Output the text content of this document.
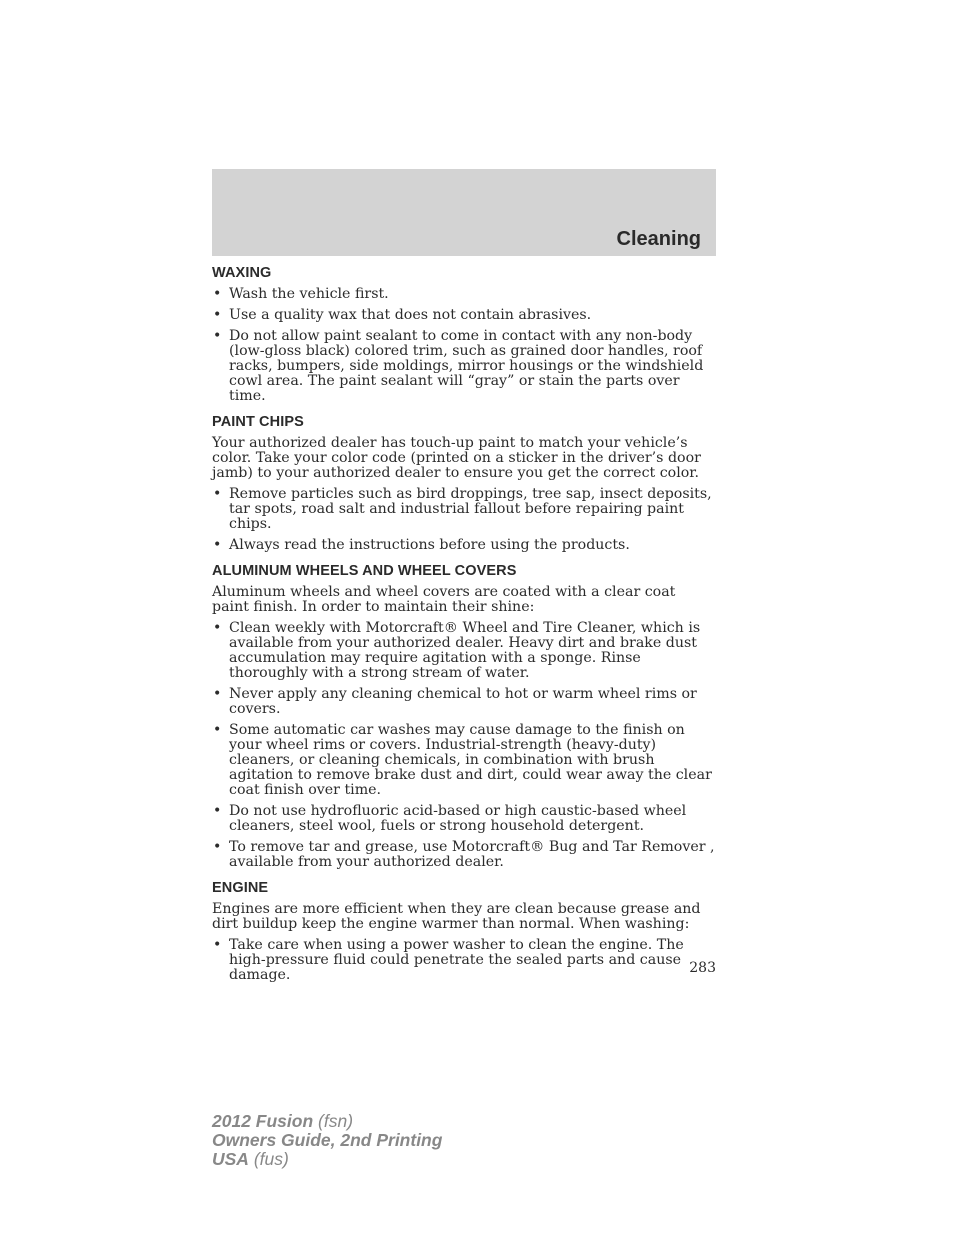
Cleaning
WAXING
• Wash the vehicle first.
• Use a quality wax that does not contain abrasives.
• Do not allow paint sealant to come in contact with any non-body (low-gloss black) colored trim, such as grained door handles, roof racks, bumpers, side moldings, mirror housings or the windshield cowl area. The paint sealant will “gray” or stain the parts over time.
PAINT CHIPS

Your authorized dealer has touch-up paint to match your vehicle’s color. Take your color code (printed on a sticker in the driver’s door jamb) to your authorized dealer to ensure you get the correct color.

• Remove particles such as bird droppings, tree sap, insect deposits, tar spots, road salt and industrial fallout before repairing paint chips.
• Always read the instructions before using the products.
ALUMINUM WHEELS AND WHEEL COVERS

Aluminum wheels and wheel covers are coated with a clear coat paint finish. In order to maintain their shine:

• Clean weekly with Motorcraft® Wheel and Tire Cleaner, which is available from your authorized dealer. Heavy dirt and brake dust accumulation may require agitation with a sponge. Rinse thoroughly with a strong stream of water.
• Never apply any cleaning chemical to hot or warm wheel rims or covers.
• Some automatic car washes may cause damage to the finish on your wheel rims or covers. Industrial-strength (heavy-duty) cleaners, or cleaning chemicals, in combination with brush agitation to remove brake dust and dirt, could wear away the clear coat finish over time.
• Do not use hydrofluoric acid-based or high caustic-based wheel cleaners, steel wool, fuels or strong household detergent.
• To remove tar and grease, use Motorcraft® Bug and Tar Remover , available from your authorized dealer.
ENGINE

Engines are more efficient when they are clean because grease and dirt buildup keep the engine warmer than normal. When washing:

• Take care when using a power washer to clean the engine. The high-pressure fluid could penetrate the sealed parts and cause damage.	283
2012 Fusion (fsn)
Owners Guide, 2nd Printing
USA (fus)
